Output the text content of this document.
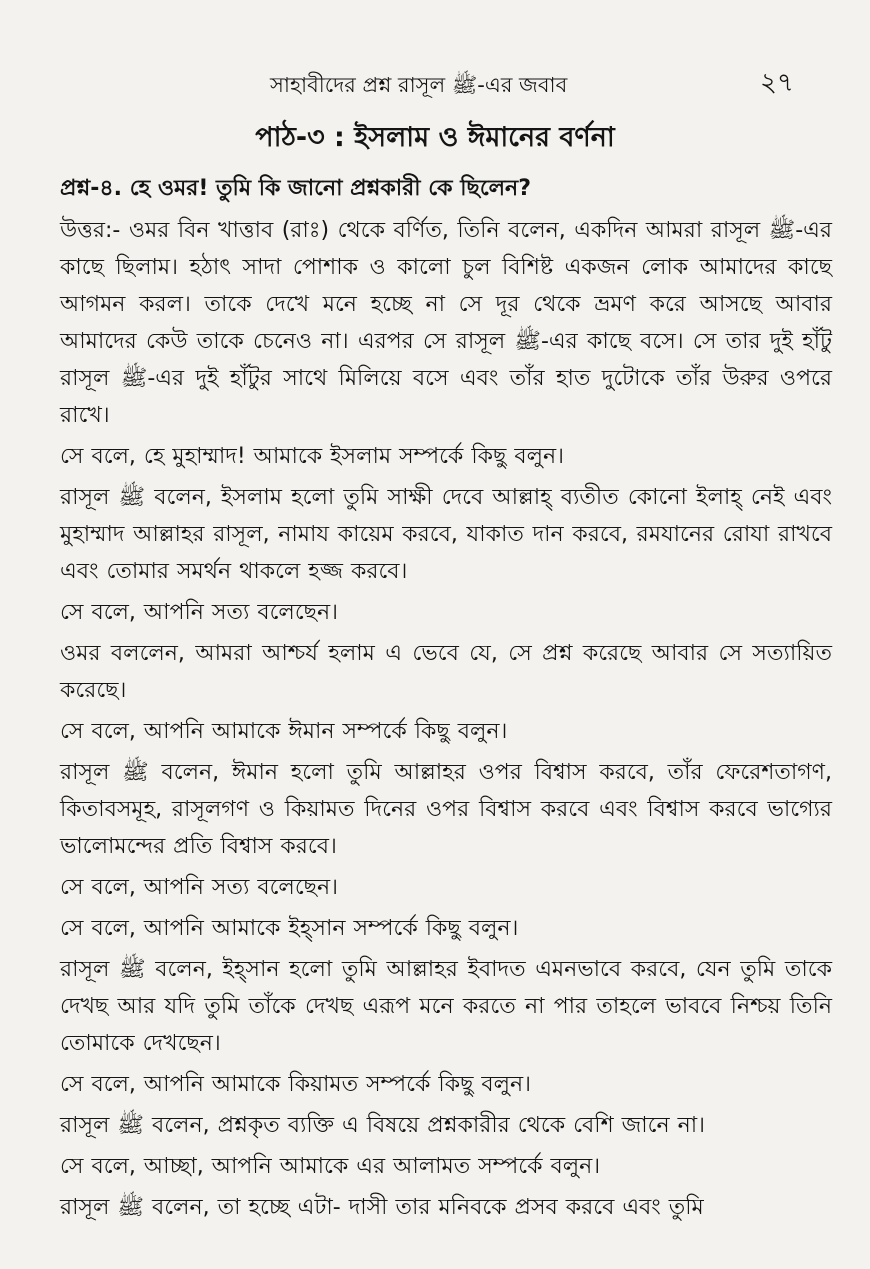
সাহাবীদের প্রশ্ন রাসূল ﷺ-এর জবাব	২৭
পাঠ-৩ : ইসলাম ও ঈমানের বর্ণনা
প্রশ্ন-৪. হে ওমর! তুমি কি জানো প্রশ্নকারী কে ছিলেন?

উত্তর:- ওমর বিন খাত্তাব (রাঃ) থেকে বর্ণিত, তিনি বলেন, একদিন আমরা রাসূল ﷺ-এর কাছে ছিলাম। হঠাৎ সাদা পোশাক ও কালো চুল বিশিষ্ট একজন লোক আমাদের কাছে আগমন করল। তাকে দেখে মনে হচ্ছে না সে দূর থেকে ভ্রমণ করে আসছে আবার আমাদের কেউ তাকে চেনেও না। এরপর সে রাসূল ﷺ-এর কাছে বসে। সে তার দুই হাঁটু রাসূল ﷺ-এর দুই হাঁটুর সাথে মিলিয়ে বসে এবং তাঁর হাত দুটোকে তাঁর উরুর ওপরে রাখে।

সে বলে, হে মুহাম্মাদ! আমাকে ইসলাম সম্পর্কে কিছু বলুন।

রাসূল ﷺ বলেন, ইসলাম হলো তুমি সাক্ষী দেবে আল্লাহ্ ব্যতীত কোনো ইলাহ্ নেই এবং মুহাম্মাদ আল্লাহর রাসূল, নামায কায়েম করবে, যাকাত দান করবে, রমযানের রোযা রাখবে এবং তোমার সমর্থন থাকলে হজ্জ করবে।

সে বলে, আপনি সত্য বলেছেন।

ওমর বললেন, আমরা আশ্চর্য হলাম এ ভেবে যে, সে প্রশ্ন করেছে আবার সে সত্যায়িত করেছে।

সে বলে, আপনি আমাকে ঈমান সম্পর্কে কিছু বলুন।

রাসূল ﷺ বলেন, ঈমান হলো তুমি আল্লাহর ওপর বিশ্বাস করবে, তাঁর ফেরেশতাগণ, কিতাবসমূহ, রাসূলগণ ও কিয়ামত দিনের ওপর বিশ্বাস করবে এবং বিশ্বাস করবে ভাগ্যের ভালোমন্দের প্রতি বিশ্বাস করবে।

সে বলে, আপনি সত্য বলেছেন।

সে বলে, আপনি আমাকে ইহ্সান সম্পর্কে কিছু বলুন।

রাসূল ﷺ বলেন, ইহ্সান হলো তুমি আল্লাহর ইবাদত এমনভাবে করবে, যেন তুমি তাকে দেখছ আর যদি তুমি তাঁকে দেখছ এরূপ মনে করতে না পার তাহলে ভাববে নিশ্চয় তিনি তোমাকে দেখছেন।

সে বলে, আপনি আমাকে কিয়ামত সম্পর্কে কিছু বলুন।

রাসূল ﷺ বলেন, প্রশ্নকৃত ব্যক্তি এ বিষয়ে প্রশ্নকারীর থেকে বেশি জানে না।

সে বলে, আচ্ছা, আপনি আমাকে এর আলামত সম্পর্কে বলুন।

রাসূল ﷺ বলেন, তা হচ্ছে এটা- দাসী তার মনিবকে প্রসব করবে এবং তুমি
